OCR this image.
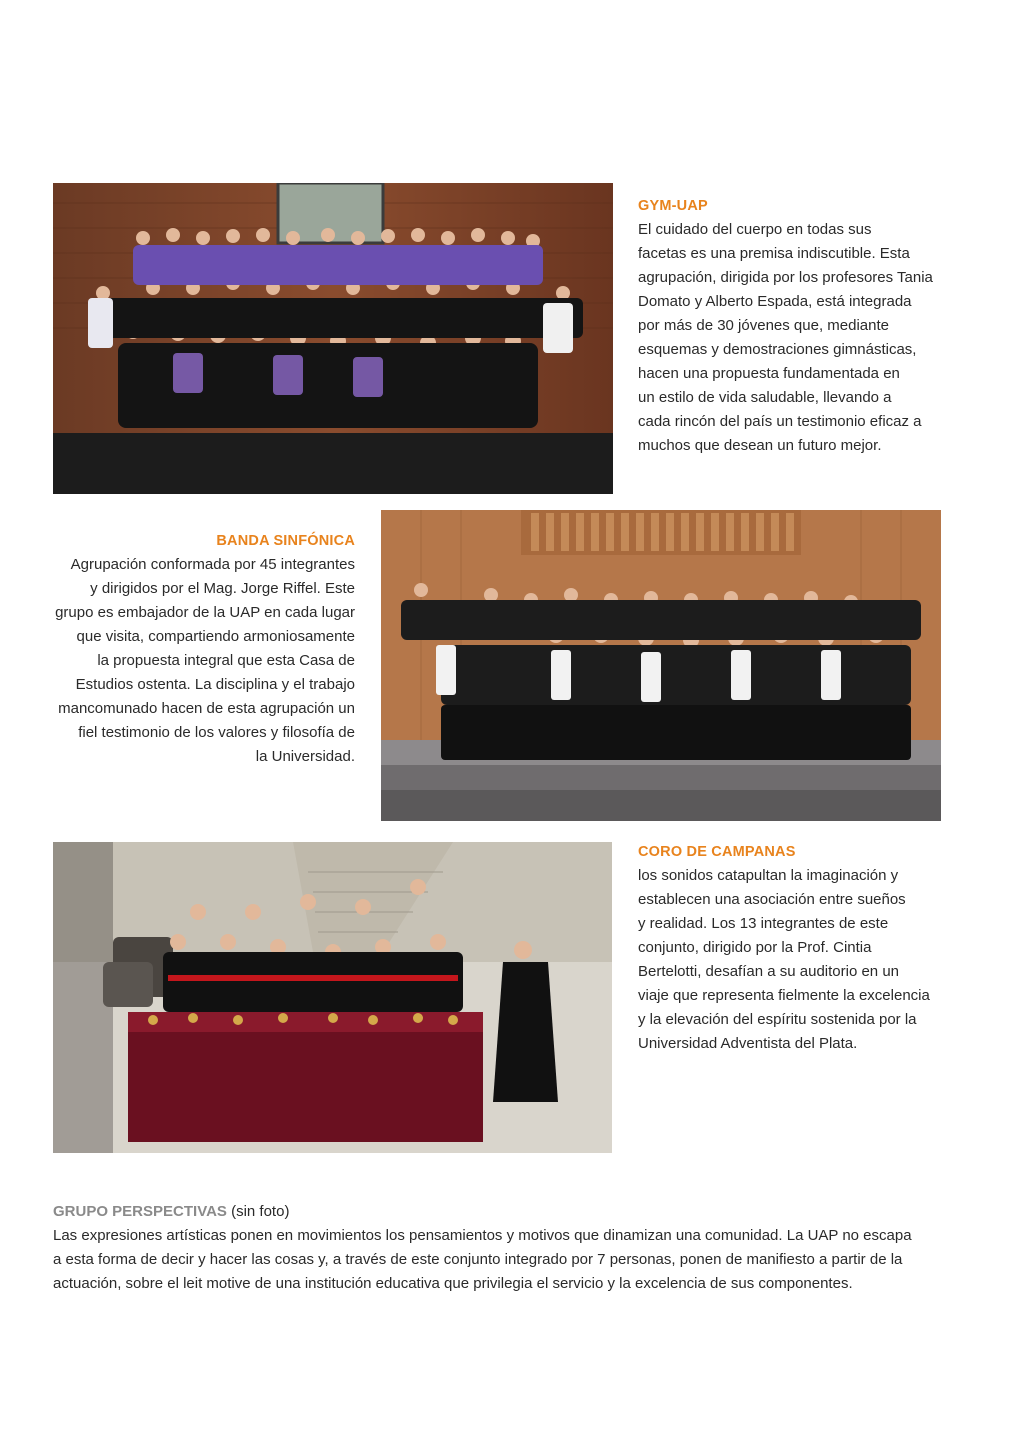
GYM-UAP
El cuidado del cuerpo en todas sus
facetas es una premisa indiscutible. Esta
agrupación, dirigida por los profesores Tania
Domato y Alberto Espada, está integrada
por más de 30 jóvenes que, mediante
esquemas y demostraciones gimnásticas,
hacen una propuesta fundamentada en
un estilo de vida saludable, llevando a
cada rincón del país un testimonio eficaz a
muchos que desean un futuro mejor.
BANDA SINFÓNICA
Agrupación conformada por 45 integrantes
y dirigidos por el Mag. Jorge Riffel. Este
grupo es embajador de la UAP en cada lugar
que visita, compartiendo armoniosamente
la propuesta integral que esta Casa de
Estudios ostenta. La disciplina y el trabajo
mancomunado hacen de esta agrupación un
fiel testimonio de los valores y filosofía de
la Universidad.
CORO DE CAMPANAS
los sonidos catapultan la imaginación y
establecen una asociación entre sueños
y realidad. Los 13 integrantes de este
conjunto, dirigido por la Prof. Cintia
Bertelotti, desafían a su auditorio en un
viaje que representa fielmente la excelencia
y la elevación del espíritu sostenida por la
Universidad Adventista del Plata.
GRUPO PERSPECTIVAS (sin foto)
Las expresiones artísticas ponen en movimientos los pensamientos y motivos que dinamizan una comunidad. La UAP no escapa
a esta forma de decir y hacer las cosas y, a través de este conjunto integrado por 7 personas, ponen de manifiesto a partir de la
actuación, sobre el leit motive de una institución educativa que privilegia el servicio y la excelencia de sus componentes.
